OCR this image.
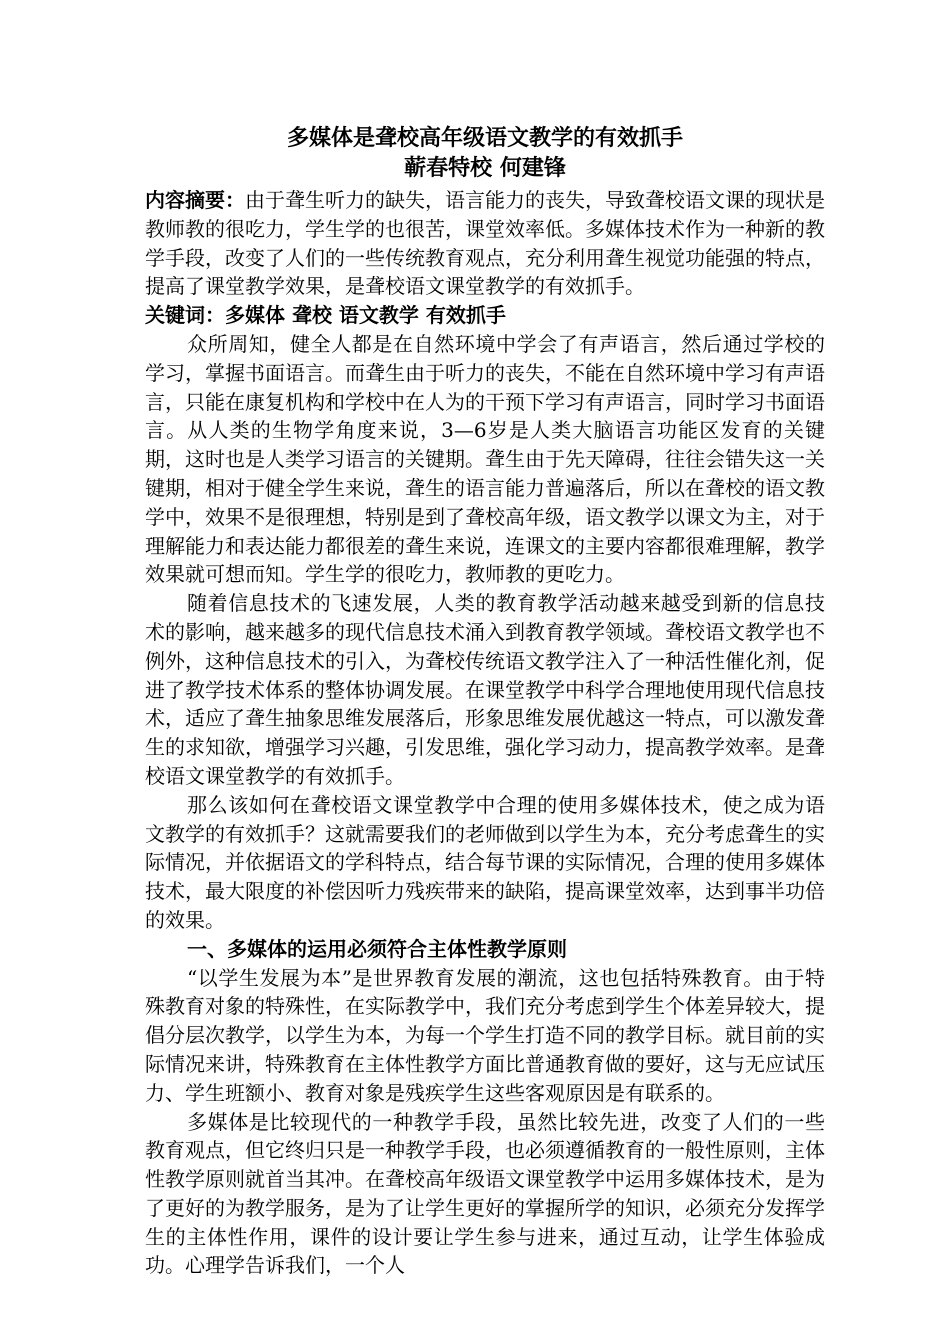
多媒体是聋校高年级语文教学的有效抓手

蕲春特校 何建锋

内容摘要：由于聋生听力的缺失，语言能力的丧失，导致聋校语文课的现状是教师教的很吃力，学生学的也很苦，课堂效率低。多媒体技术作为一种新的教学手段，改变了人们的一些传统教育观点，充分利用聋生视觉功能强的特点，提高了课堂教学效果，是聋校语文课堂教学的有效抓手。

关键词：多媒体 聋校 语文教学 有效抓手

众所周知，健全人都是在自然环境中学会了有声语言，然后通过学校的学习，掌握书面语言。而聋生由于听力的丧失，不能在自然环境中学习有声语言，只能在康复机构和学校中在人为的干预下学习有声语言，同时学习书面语言。从人类的生物学角度来说，3—6岁是人类大脑语言功能区发育的关键期，这时也是人类学习语言的关键期。聋生由于先天障碍，往往会错失这一关键期，相对于健全学生来说，聋生的语言能力普遍落后，所以在聋校的语文教学中，效果不是很理想，特别是到了聋校高年级，语文教学以课文为主，对于理解能力和表达能力都很差的聋生来说，连课文的主要内容都很难理解，教学效果就可想而知。学生学的很吃力，教师教的更吃力。

随着信息技术的飞速发展，人类的教育教学活动越来越受到新的信息技术的影响，越来越多的现代信息技术涌入到教育教学领域。聋校语文教学也不例外，这种信息技术的引入，为聋校传统语文教学注入了一种活性催化剂，促进了教学技术体系的整体协调发展。在课堂教学中科学合理地使用现代信息技术，适应了聋生抽象思维发展落后，形象思维发展优越这一特点，可以激发聋生的求知欲，增强学习兴趣，引发思维，强化学习动力，提高教学效率。是聋校语文课堂教学的有效抓手。

那么该如何在聋校语文课堂教学中合理的使用多媒体技术，使之成为语文教学的有效抓手？这就需要我们的老师做到以学生为本，充分考虑聋生的实际情况，并依据语文的学科特点，结合每节课的实际情况，合理的使用多媒体技术，最大限度的补偿因听力残疾带来的缺陷，提高课堂效率，达到事半功倍的效果。

一、多媒体的运用必须符合主体性教学原则

“以学生发展为本”是世界教育发展的潮流，这也包括特殊教育。由于特殊教育对象的特殊性，在实际教学中，我们充分考虑到学生个体差异较大，提倡分层次教学，以学生为本，为每一个学生打造不同的教学目标。就目前的实际情况来讲，特殊教育在主体性教学方面比普通教育做的要好，这与无应试压力、学生班额小、教育对象是残疾学生这些客观原因是有联系的。

多媒体是比较现代的一种教学手段，虽然比较先进，改变了人们的一些教育观点，但它终归只是一种教学手段，也必须遵循教育的一般性原则，主体性教学原则就首当其冲。在聋校高年级语文课堂教学中运用多媒体技术，是为了更好的为教学服务，是为了让学生更好的掌握所学的知识，必须充分发挥学生的主体性作用，课件的设计要让学生参与进来，通过互动，让学生体验成功。心理学告诉我们，一个人
